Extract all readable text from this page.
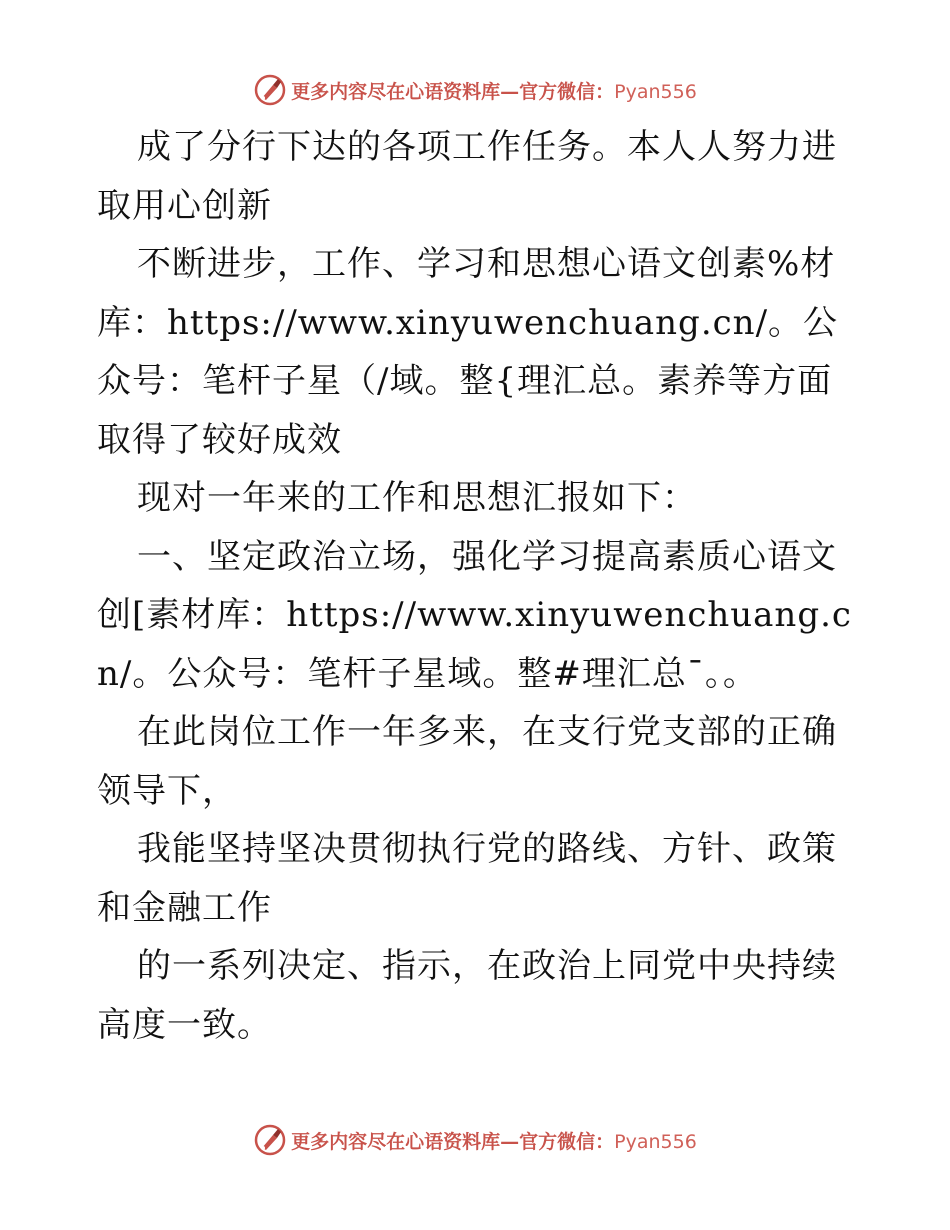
更多内容尽在心语资料库—官方微信：Pyan556

成了分行下达的各项工作任务。本人人努力进取用心创新

不断进步，工作、学习和思想心语文创素%材库：https://www.xinyuwenchuang.cn/。公众号：笔杆子星（/域。整{理汇总。素养等方面取得了较好成效

现对一年来的工作和思想汇报如下：

一、坚定政治立场，强化学习提高素质心语文创[素材库：https://www.xinyuwenchuang.cn/。公众号：笔杆子星域。整#理汇总¯。。

在此岗位工作一年多来，在支行党支部的正确领导下，

我能坚持坚决贯彻执行党的路线、方针、政策和金融工作

的一系列决定、指示，在政治上同党中央持续高度一致。

更多内容尽在心语资料库—官方微信：Pyan556
